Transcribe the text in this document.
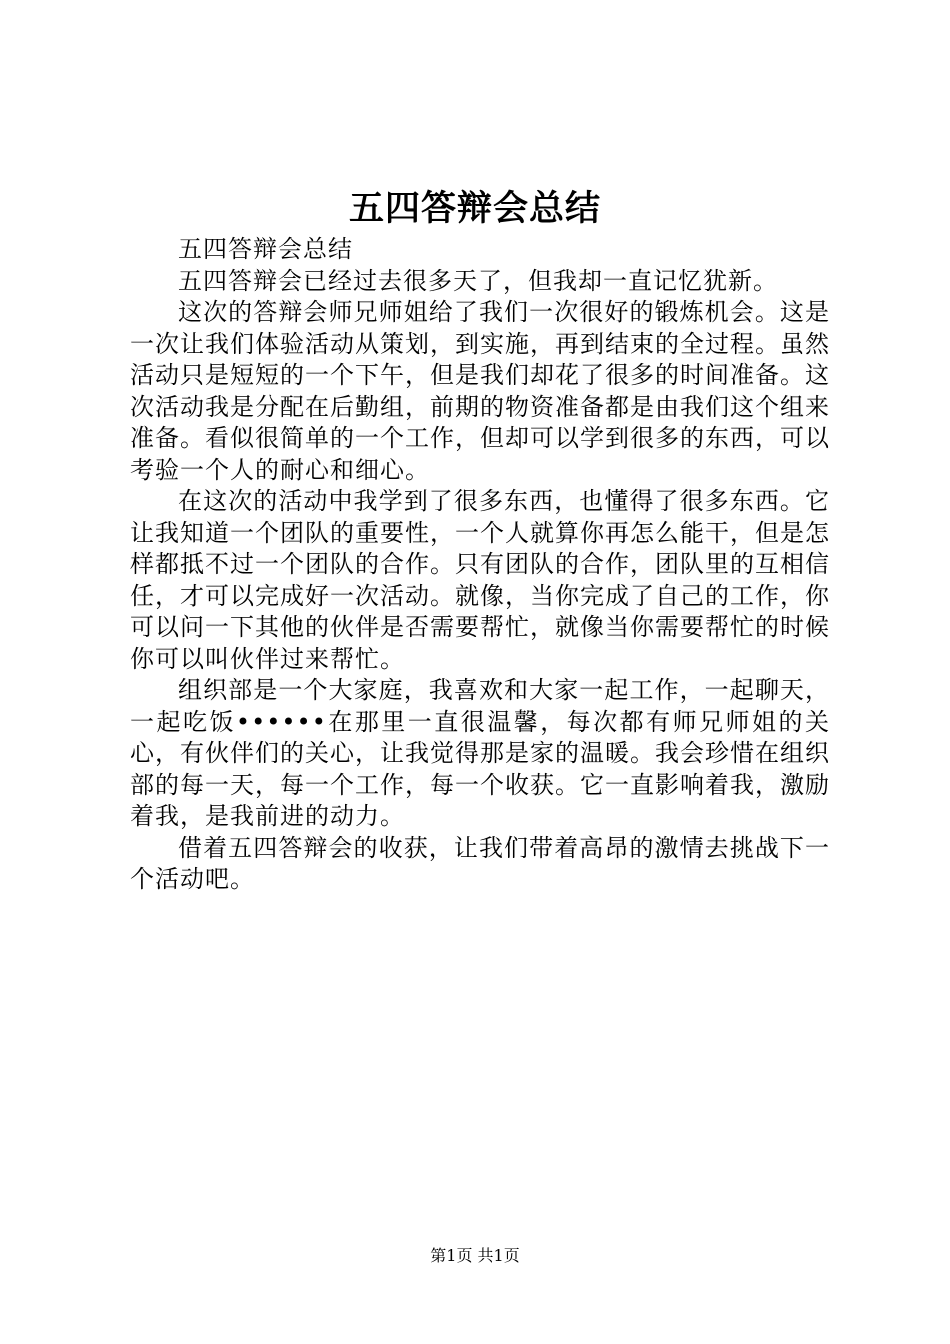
五四答辩会总结

五四答辩会总结

五四答辩会已经过去很多天了，但我却一直记忆犹新。

这次的答辩会师兄师姐给了我们一次很好的锻炼机会。这是一次让我们体验活动从策划，到实施，再到结束的全过程。虽然活动只是短短的一个下午，但是我们却花了很多的时间准备。这次活动我是分配在后勤组，前期的物资准备都是由我们这个组来准备。看似很简单的一个工作，但却可以学到很多的东西，可以考验一个人的耐心和细心。

在这次的活动中我学到了很多东西，也懂得了很多东西。它让我知道一个团队的重要性，一个人就算你再怎么能干，但是怎样都抵不过一个团队的合作。只有团队的合作，团队里的互相信任，才可以完成好一次活动。就像，当你完成了自己的工作，你可以问一下其他的伙伴是否需要帮忙，就像当你需要帮忙的时候你可以叫伙伴过来帮忙。

组织部是一个大家庭，我喜欢和大家一起工作，一起聊天，一起吃饭••••••在那里一直很温馨，每次都有师兄师姐的关心，有伙伴们的关心，让我觉得那是家的温暖。我会珍惜在组织部的每一天，每一个工作，每一个收获。它一直影响着我，激励着我，是我前进的动力。

借着五四答辩会的收获，让我们带着高昂的激情去挑战下一个活动吧。

第1页 共1页
